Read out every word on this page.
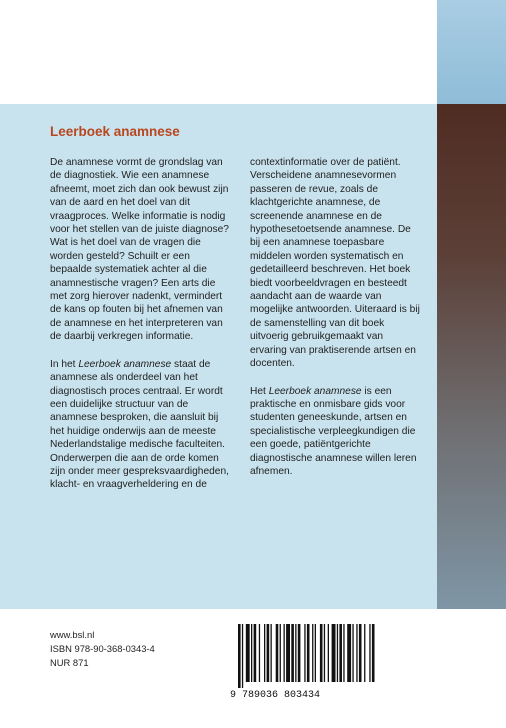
Leerboek anamnese

De anamnese vormt de grondslag van de diagnostiek. Wie een anamnese afneemt, moet zich dan ook bewust zijn van de aard en het doel van dit vraagproces. Welke informatie is nodig voor het stellen van de juiste diagnose? Wat is het doel van de vragen die worden gesteld? Schuilt er een bepaalde systematiek achter al die anamnestische vragen? Een arts die met zorg hierover nadenkt, vermindert de kans op fouten bij het afnemen van de anamnese en het interpreteren van de daarbij verkregen informatie.

In het Leerboek anamnese staat de anamnese als onderdeel van het diagnostisch proces centraal. Er wordt een duidelijke structuur van de anamnese besproken, die aansluit bij het huidige onderwijs aan de meeste Nederlandstalige medische faculteiten. Onderwerpen die aan de orde komen zijn onder meer gespreksvaardigheden, klacht- en vraagverheldering en de

contextinformatie over de patiënt. Verscheidene anamnesevormen passeren de revue, zoals de klachtgerichte anamnese, de screenende anamnese en de hypothesetoetsende anamnese. De bij een anamnese toepasbare middelen worden systematisch en gedetailleerd beschreven. Het boek biedt voorbeeldvragen en besteedt aandacht aan de waarde van mogelijke antwoorden. Uiteraard is bij de samenstelling van dit boek uitvoerig gebruikgemaakt van ervaring van praktiserende artsen en docenten.

Het Leerboek anamnese is een praktische en onmisbare gids voor studenten geneeskunde, artsen en specialistische verpleegkundigen die een goede, patiëntgerichte diagnostische anamnese willen leren afnemen.

www.bsl.nl
ISBN 978-90-368-0343-4
NUR 871
9 789036 803434
